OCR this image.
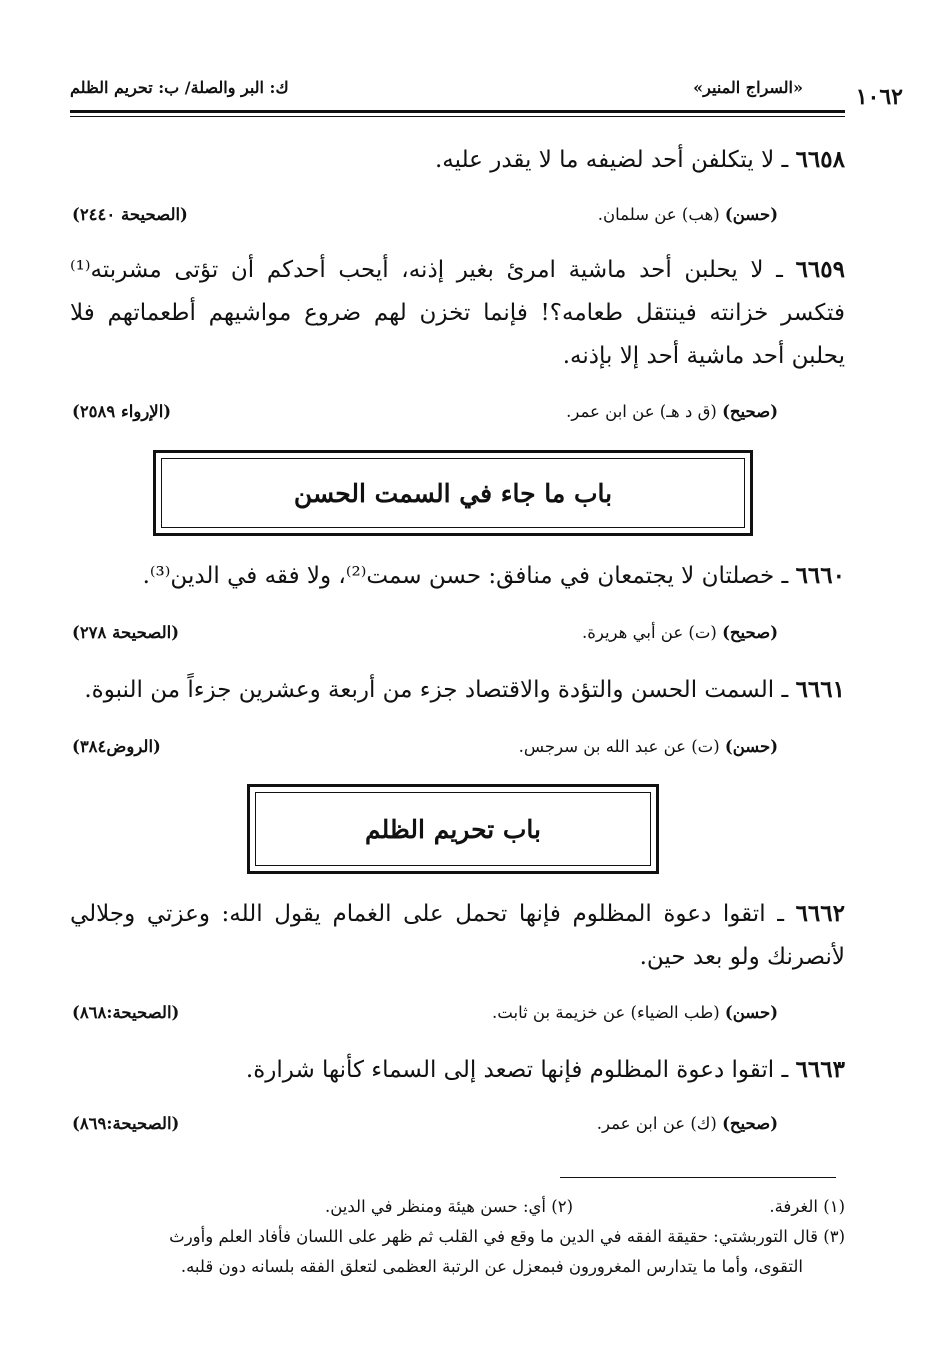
«السراج المنير»
ك: البر والصلة/ ب: تحريم الظلم	١٠٦٢
٦٦٥٨ ـ لا يتكلفن أحد لضيفه ما لا يقدر عليه.
(حسن) (هب) عن سلمان.
(الصحيحة ٢٤٤٠)
٦٦٥٩ ـ لا يحلبن أحد ماشية امرئ بغير إذنه، أيحب أحدكم أن تؤتى مشربته⁽¹⁾ فتكسر خزانته فينتقل طعامه؟! فإنما تخزن لهم ضروع مواشيهم أطعماتهم فلا يحلبن أحد ماشية أحد إلا بإذنه.
(صحيح) (ق د هـ) عن ابن عمر.
(الإرواء ٢٥٨٩)
باب ما جاء في السمت الحسن
٦٦٦٠ ـ خصلتان لا يجتمعان في منافق: حسن سمت⁽²⁾، ولا فقه في الدين⁽³⁾.
(صحيح) (ت) عن أبي هريرة.
(الصحيحة ٢٧٨)
٦٦٦١ ـ السمت الحسن والتؤدة والاقتصاد جزء من أربعة وعشرين جزءاً من النبوة.
(حسن) (ت) عن عبد الله بن سرجس.
(الروض٣٨٤)
باب تحريم الظلم
٦٦٦٢ ـ اتقوا دعوة المظلوم فإنها تحمل على الغمام يقول الله: وعزتي وجلالي لأنصرنك ولو بعد حين.
(حسن) (طب الضياء) عن خزيمة بن ثابت.
(الصحيحة:٨٦٨)
٦٦٦٣ ـ اتقوا دعوة المظلوم فإنها تصعد إلى السماء كأنها شرارة.
(صحيح) (ك) عن ابن عمر.
(الصحيحة:٨٦٩)
(١) الغرفة.
(٢) أي: حسن هيئة ومنظر في الدين.
(٣) قال التوربشتي: حقيقة الفقه في الدين ما وقع في القلب ثم ظهر على اللسان فأفاد العلم وأورث
التقوى، وأما ما يتدارس المغرورون فبمعزل عن الرتبة العظمى لتعلق الفقه بلسانه دون قلبه.
